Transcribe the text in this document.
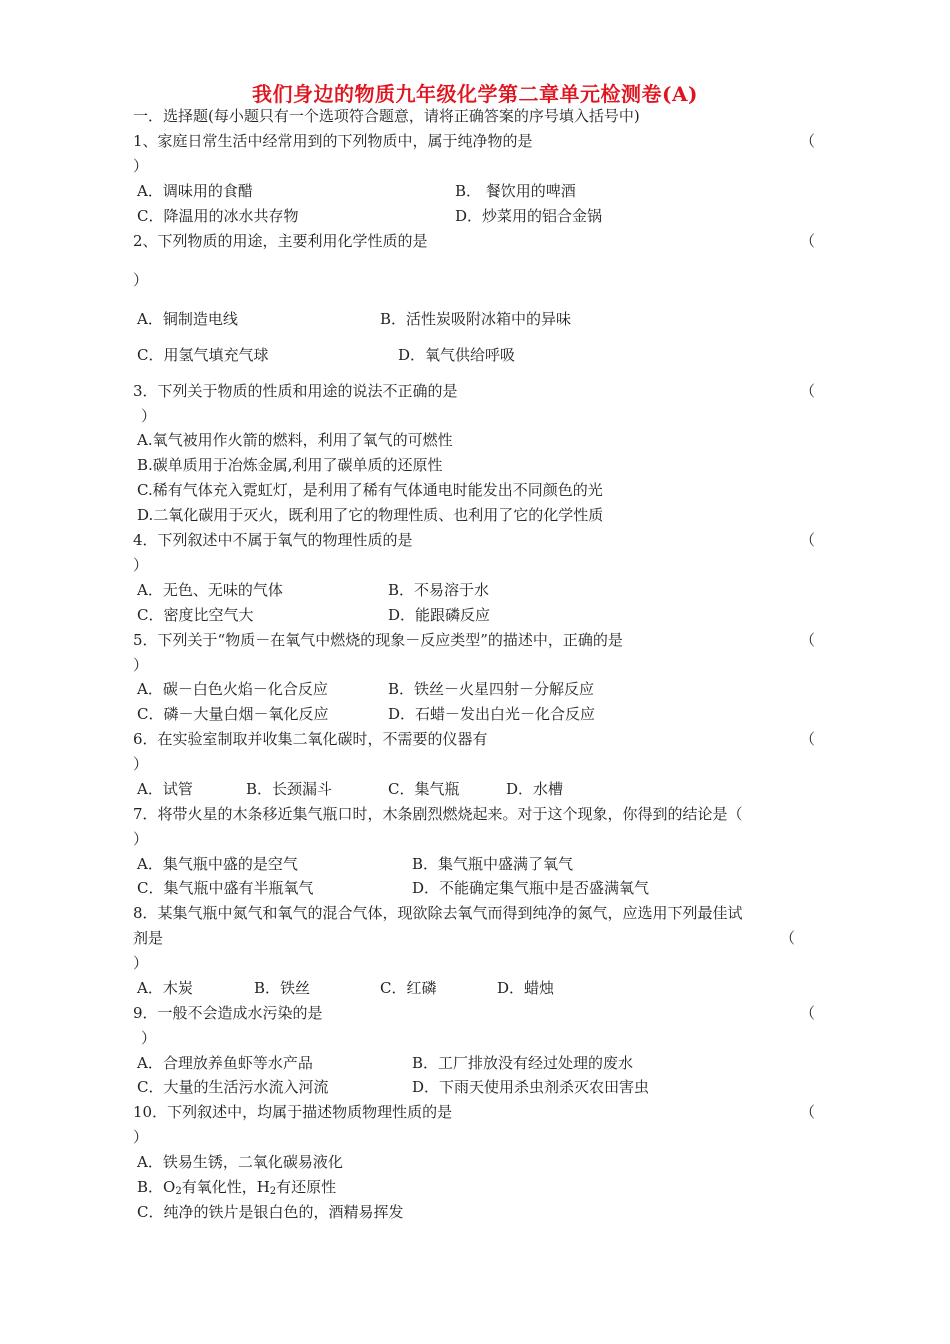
我们身边的物质九年级化学第二章单元检测卷(A)
一．选择题(每小题只有一个选项符合题意，请将正确答案的序号填入括号中)
1、家庭日常生活中经常用到的下列物质中，属于纯净物的是	（
）
A．调味用的食醋	B． 餐饮用的啤酒
C．降温用的冰水共存物	D．炒菜用的铝合金锅
2、下列物质的用途，主要利用化学性质的是	（
）
A．铜制造电线	B．活性炭吸附冰箱中的异味
C．用氢气填充气球	D．氧气供给呼吸
3．下列关于物质的性质和用途的说法不正确的是	（
）
A.氧气被用作火箭的燃料，利用了氧气的可燃性
B.碳单质用于冶炼金属,利用了碳单质的还原性
C.稀有气体充入霓虹灯，是利用了稀有气体通电时能发出不同颜色的光
D.二氧化碳用于灭火，既利用了它的物理性质、也利用了它的化学性质
4．下列叙述中不属于氧气的物理性质的是	（
）
A．无色、无味的气体	B．不易溶于水
C．密度比空气大	D．能跟磷反应
5．下列关于“物质－在氧气中燃烧的现象－反应类型”的描述中，正确的是	（
）
A．碳－白色火焰－化合反应	B．铁丝－火星四射－分解反应
C．磷－大量白烟－氧化反应	D．石蜡－发出白光－化合反应
6．在实验室制取并收集二氧化碳时，不需要的仪器有	（
）
A．试管	B．长颈漏斗	C．集气瓶	D．水槽
7．将带火星的木条移近集气瓶口时，木条剧烈燃烧起来。对于这个现象，你得到的结论是（
）
A．集气瓶中盛的是空气	B．集气瓶中盛满了氧气
C．集气瓶中盛有半瓶氧气	D．不能确定集气瓶中是否盛满氧气
8．某集气瓶中氮气和氧气的混合气体，现欲除去氧气而得到纯净的氮气，应选用下列最佳试
剂是	（
）
A．木炭	B．铁丝	C．红磷	D．蜡烛
9．一般不会造成水污染的是	（
）
A．合理放养鱼虾等水产品	B．工厂排放没有经过处理的废水
C．大量的生活污水流入河流	D．下雨天使用杀虫剂杀灭农田害虫
10．下列叙述中，均属于描述物质物理性质的是	（
）
A．铁易生锈，二氧化碳易液化
B．$O_2$有氧化性，$H_2$有还原性
C．纯净的铁片是银白色的，酒精易挥发
